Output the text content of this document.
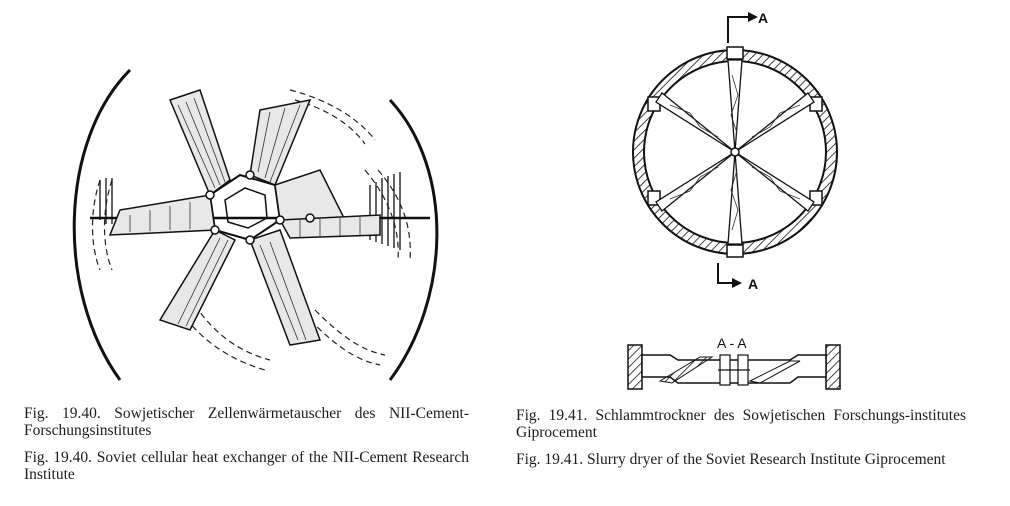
A
A
A - A

Fig. 19.40. Sowjetischer Zellenwärmetauscher des NII-Cement-Forschungsinstitutes

Fig. 19.40. Soviet cellular heat exchanger of the NII-Cement Research Institute

Fig. 19.41. Schlammtrockner des Sowjetischen Forschungs-institutes Giprocement

Fig. 19.41. Slurry dryer of the Soviet Research Institute Giprocement
